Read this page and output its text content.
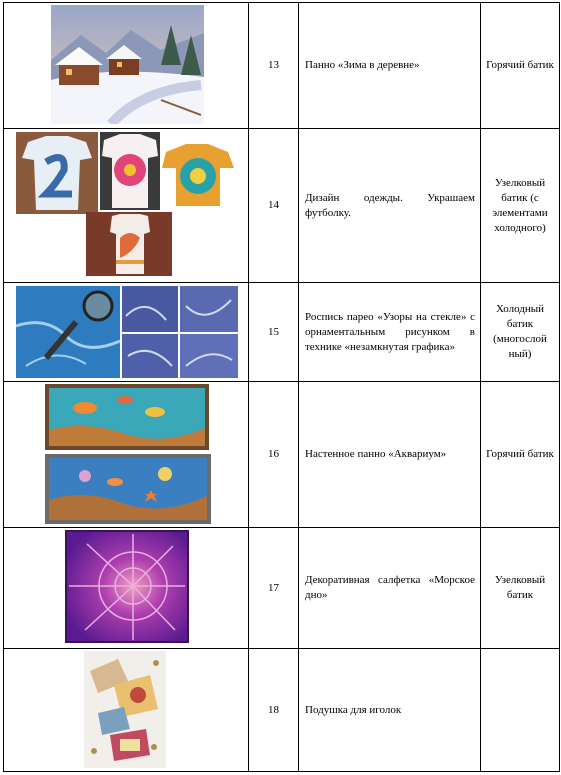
	13	Панно «Зима в деревне»	Горячий батик

	14	Дизайн одежды. Украшаем футболку.	Узелковый батик (с элементами холодного)

	15	Роспись парео «Узоры на стекле» с орнаментальным рисунком в технике «незамкнутая графика»	Холодный батик (многослой ный)

	16	Настенное панно «Аквариум»	Горячий батик

	17	Декоративная салфетка «Морское дно»	Узелковый батик

	18	Подушка для иголок	
